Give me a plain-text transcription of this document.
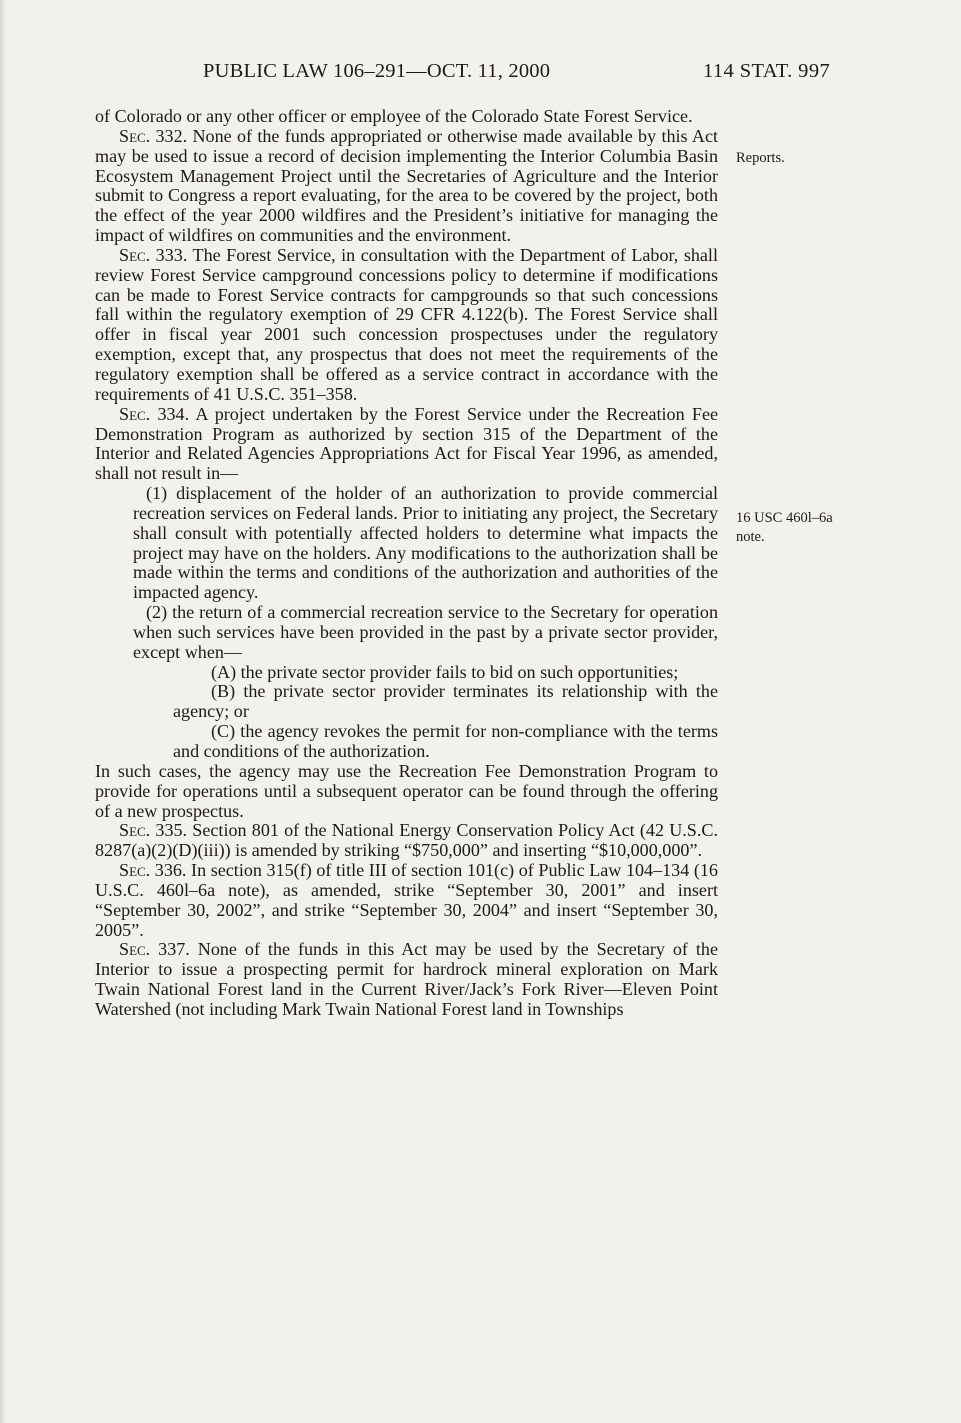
PUBLIC LAW 106–291—OCT. 11, 2000	114 STAT. 997
Reports.
16 USC 460l–6a
note.

of Colorado or any other officer or employee of the Colorado State Forest Service.

Sec. 332. None of the funds appropriated or otherwise made available by this Act may be used to issue a record of decision implementing the Interior Columbia Basin Ecosystem Management Project until the Secretaries of Agriculture and the Interior submit to Congress a report evaluating, for the area to be covered by the project, both the effect of the year 2000 wildfires and the President’s initiative for managing the impact of wildfires on communities and the environment.

Sec. 333. The Forest Service, in consultation with the Department of Labor, shall review Forest Service campground concessions policy to determine if modifications can be made to Forest Service contracts for campgrounds so that such concessions fall within the regulatory exemption of 29 CFR 4.122(b). The Forest Service shall offer in fiscal year 2001 such concession prospectuses under the regulatory exemption, except that, any prospectus that does not meet the requirements of the regulatory exemption shall be offered as a service contract in accordance with the requirements of 41 U.S.C. 351–358.

Sec. 334. A project undertaken by the Forest Service under the Recreation Fee Demonstration Program as authorized by section 315 of the Department of the Interior and Related Agencies Appropriations Act for Fiscal Year 1996, as amended, shall not result in—

(1) displacement of the holder of an authorization to provide commercial recreation services on Federal lands. Prior to initiating any project, the Secretary shall consult with potentially affected holders to determine what impacts the project may have on the holders. Any modifications to the authorization shall be made within the terms and conditions of the authorization and authorities of the impacted agency.

(2) the return of a commercial recreation service to the Secretary for operation when such services have been provided in the past by a private sector provider, except when—

(A) the private sector provider fails to bid on such opportunities;

(B) the private sector provider terminates its relationship with the agency; or

(C) the agency revokes the permit for non-compliance with the terms and conditions of the authorization.

In such cases, the agency may use the Recreation Fee Demonstration Program to provide for operations until a subsequent operator can be found through the offering of a new prospectus.

Sec. 335. Section 801 of the National Energy Conservation Policy Act (42 U.S.C. 8287(a)(2)(D)(iii)) is amended by striking “$750,000” and inserting “$10,000,000”.

Sec. 336. In section 315(f) of title III of section 101(c) of Public Law 104–134 (16 U.S.C. 460l–6a note), as amended, strike “September 30, 2001” and insert “September 30, 2002”, and strike “September 30, 2004” and insert “September 30, 2005”.

Sec. 337. None of the funds in this Act may be used by the Secretary of the Interior to issue a prospecting permit for hardrock mineral exploration on Mark Twain National Forest land in the Current River/Jack’s Fork River—Eleven Point Watershed (not including Mark Twain National Forest land in Townships
